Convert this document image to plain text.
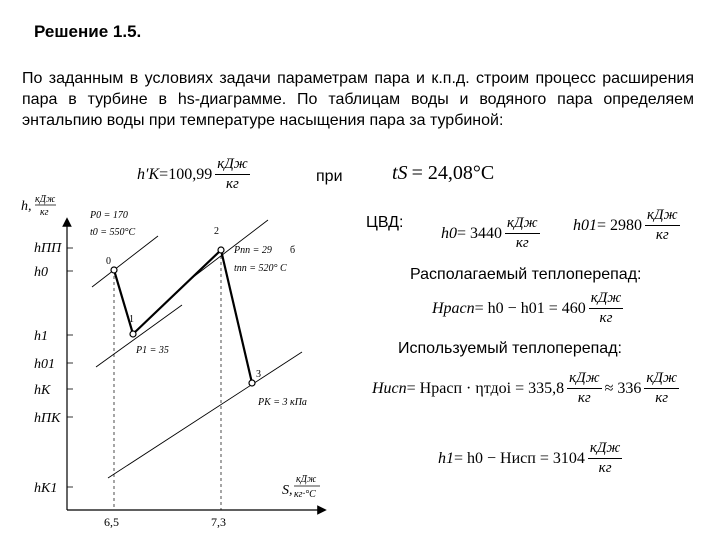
Решение 1.5.
По заданным в условиях задачи параметрам пара и к.п.д. строим процесс расширения пара в турбине в hs-диаграмме. По таблицам воды и водяного пара определяем энтальпию воды при температуре насыщения пара за турбиной:
$h'K =100,99 \frac{\text{кДж}}{кг}$	при tS = 24,08°C
ЦВД:
$h0 = 3440 \frac{\text{кДж}}{кг} h01 = 2980 \frac{\text{кДж}}{кг}$
Располагаемый теплоперепад:
Hрасп = $h0 - h01 = 460 \frac{\text{кДж}}{кг}$
Используемый теплоперепад:
Hисп = Hрасп · ηтдoi = $335,8 \frac{\text{кДж}}{кг} \approx 336 \frac{\text{кДж}}{кг}$
h1 = h0 − Hисп = $3104 \frac{\text{кДж}}{кг}$
h, кДж
кг
hПП
h0
h1
h01
hK
hПК
hK1
0
1
2
3
P0 = 170
t0 = 550°C
Pпп = 29
tпп = 520° C
б
P1 = 35
PK = 3 кПа
S,
кДж
кг·°C
6,5	7,3
